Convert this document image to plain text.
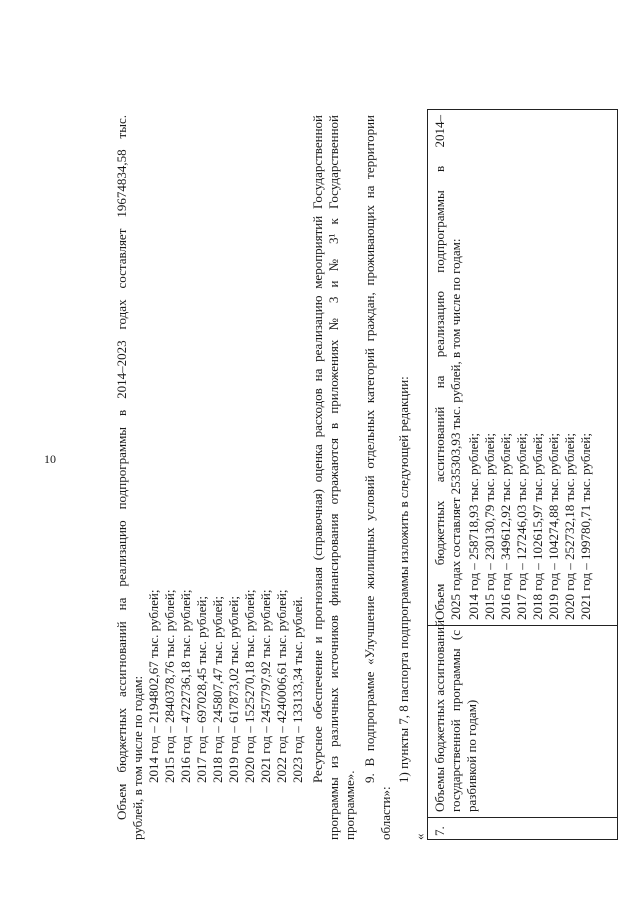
10	Объем бюджетных ассигнований на реализацию подпрограммы в 2014–2023 годах составляет 19674834,58 тыс. рублей, в том числе по годам: 2014 год – 2194802,67 тыс. рублей; 2015 год – 2840378,76 тыс. рублей; 2016 год – 4722736,18 тыс. рублей; 2017 год – 697028,45 тыс. рублей; 2018 год – 245807,47 тыс. рублей; 2019 год – 617873,02 тыс. рублей; 2020 год – 1525270,18 тыс. рублей; 2021 год – 2457797,92 тыс. рублей; 2022 год – 4240006,61 тыс. рублей; 2023 год – 133133,34 тыс. рублей. Ресурсное обеспечение и прогнозная (справочная) оценка расходов на реализацию мероприятий Государственной программы из различных источников финансирования отражаются в приложениях № 3 и № 3¹ к Государственной программе».
9. В подпрограмме «Улучшение жилищных условий отдельных категорий граждан, проживающих на территории
области»:
1) пункты 7, 8 паспорта подпрограммы изложить в следующей редакции:
«
7.
Объемы бюджетных ассигнований государственной программы (с разбивкой по годам)
Объем бюджетных ассигнований на реализацию подпрограммы в 2014– 2025 годах составляет 2535303,93 тыс. рублей, в том числе по годам: 2014 год – 258718,93 тыс. рублей; 2015 год – 230130,79 тыс. рублей; 2016 год – 349612,92 тыс. рублей; 2017 год – 127246,03 тыс. рублей; 2018 год – 102615,97 тыс. рублей; 2019 год – 104274,88 тыс. рублей; 2020 год – 252732,18 тыс. рублей; 2021 год – 199780,71 тыс. рублей;
